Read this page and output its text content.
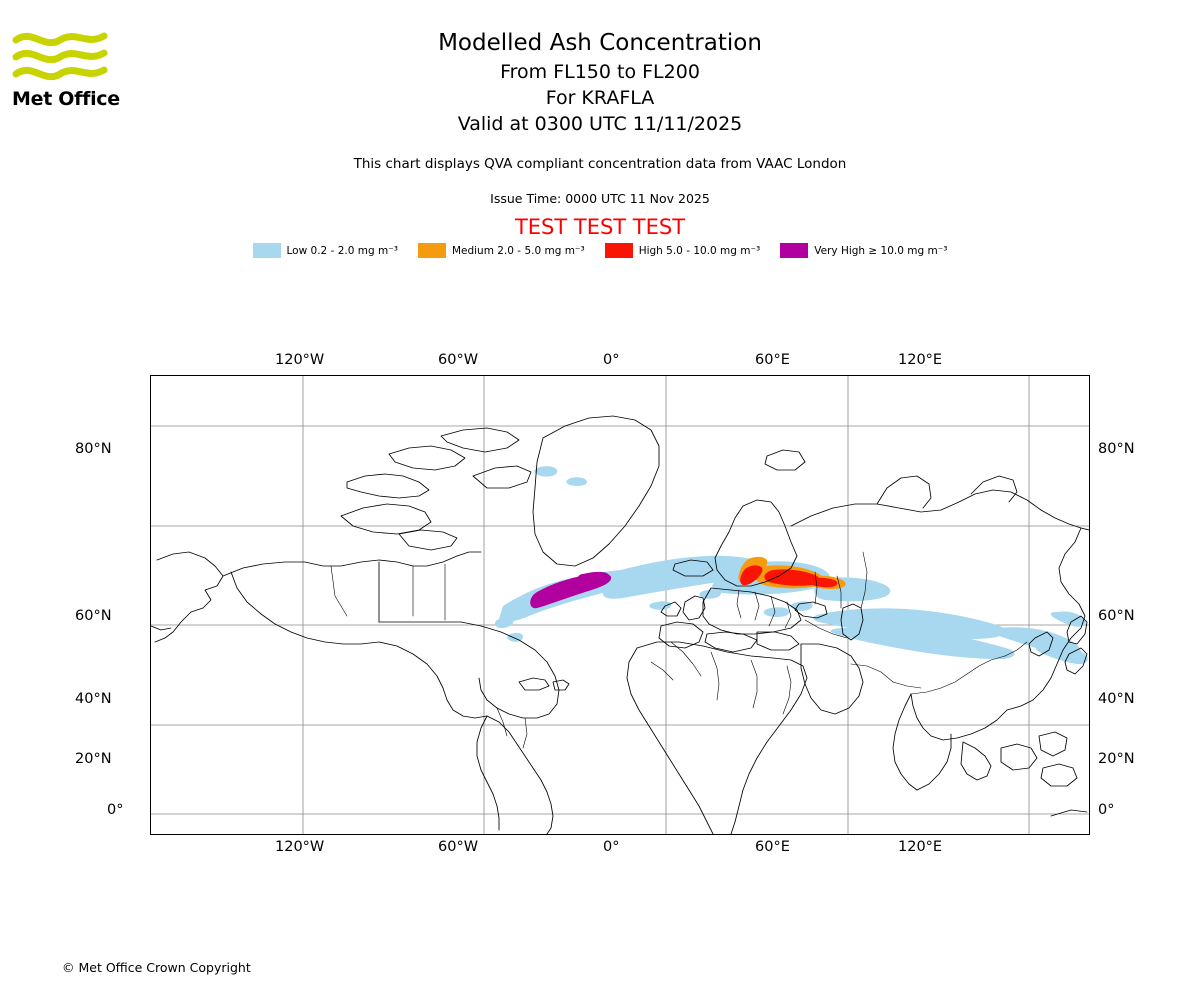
Met Office
Modelled Ash Concentration
From FL150 to FL200
For KRAFLA
Valid at 0300 UTC 11/11/2025
This chart displays QVA compliant concentration data from VAAC London
Issue Time: 0000 UTC 11 Nov 2025
TEST TEST TEST
Low 0.2 - 2.0 mg m⁻³	Medium 2.0 - 5.0 mg m⁻³	High 5.0 - 10.0 mg m⁻³	Very High ≥ 10.0 mg m⁻³
120°W	60°W	0°	60°E	120°E
120°W	60°W	0°	60°E	120°E
80°N
60°N
40°N
20°N
0°
80°N
60°N
40°N
20°N
0°
© Met Office Crown Copyright
